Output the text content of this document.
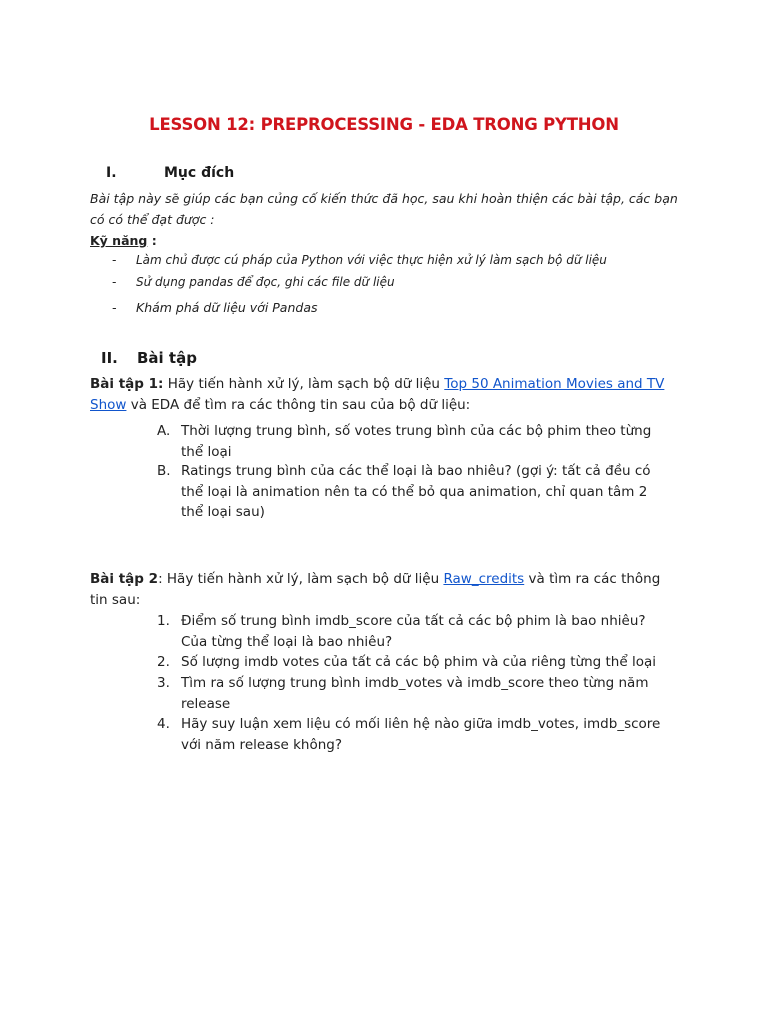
LESSON 12: PREPROCESSING - EDA TRONG PYTHON
I.	Mục đích
Bài tập này sẽ giúp các bạn củng cố kiến thức đã học, sau khi hoàn thiện các bài tập, các bạn
có có thể đạt được :
Kỹ năng :
-	Làm chủ được cú pháp của Python với việc thực hiện xử lý làm sạch bộ dữ liệu
-	Sử dụng pandas để đọc, ghi các file dữ liệu
-	Khám phá dữ liệu với Pandas
II. Bài tập
Bài tập 1: Hãy tiến hành xử lý, làm sạch bộ dữ liệu Top 50 Animation Movies and TV
Show và EDA để tìm ra các thông tin sau của bộ dữ liệu:
A. Thời lượng trung bình, số votes trung bình của các bộ phim theo từng
thể loại
B. Ratings trung bình của các thể loại là bao nhiêu? (gợi ý: tất cả đều có
thể loại là animation nên ta có thể bỏ qua animation, chỉ quan tâm 2
thể loại sau)
Bài tập 2: Hãy tiến hành xử lý, làm sạch bộ dữ liệu Raw_credits và tìm ra các thông
tin sau:
1. Điểm số trung bình imdb_score của tất cả các bộ phim là bao nhiêu?
Của từng thể loại là bao nhiêu?
2. Số lượng imdb votes của tất cả các bộ phim và của riêng từng thể loại
3. Tìm ra số lượng trung bình imdb_votes và imdb_score theo từng năm
release
4. Hãy suy luận xem liệu có mối liên hệ nào giữa imdb_votes, imdb_score
với năm release không?
